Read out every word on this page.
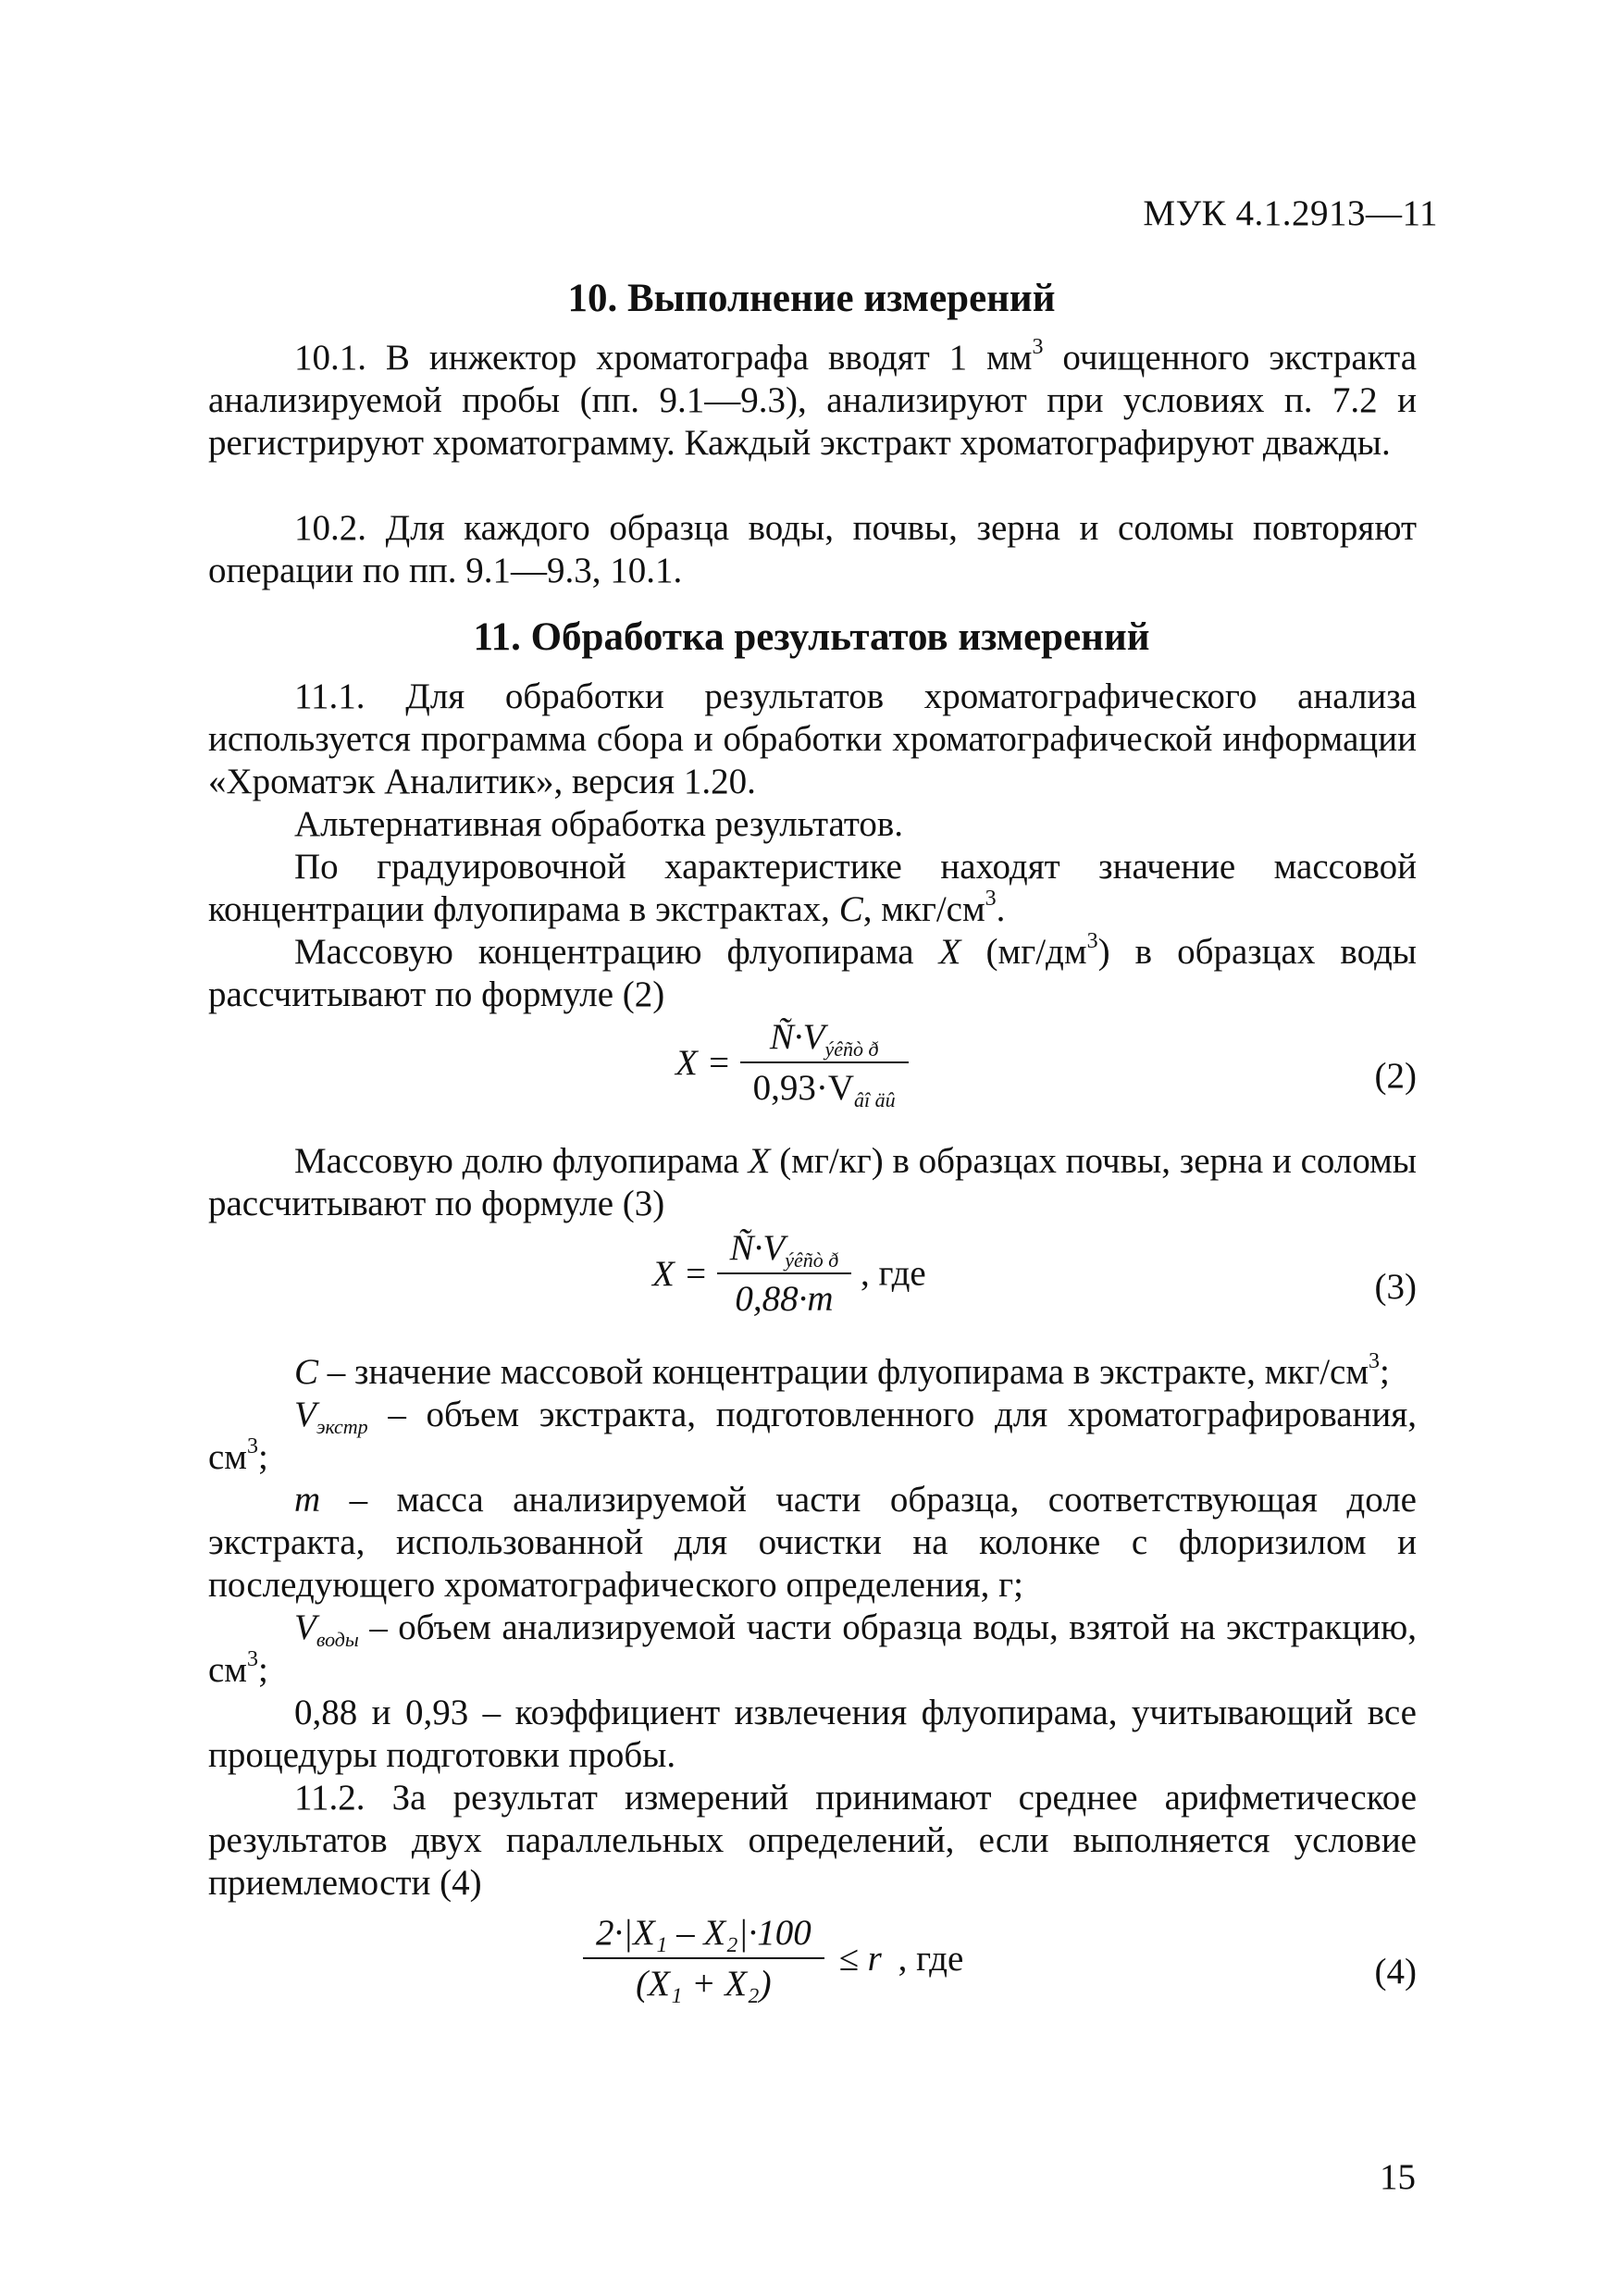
МУК 4.1.2913—11
10. Выполнение измерений
10.1. В инжектор хроматографа вводят 1 $мм^3$ очищенного экстракта анализируемой пробы (пп. 9.1—9.3), анализируют при условиях п. 7.2 и регистрируют хроматограмму. Каждый экстракт хроматографируют дважды.
10.2. Для каждого образца воды, почвы, зерна и соломы повторяют операции по пп. 9.1—9.3, 10.1.
11. Обработка результатов измерений
11.1. Для обработки результатов хроматографического анализа используется программа сбора и обработки хроматографической информации «Хроматэк Аналитик», версия 1.20.
Альтернативная обработка результатов.
По градуировочной характеристике находят значение массовой концентрации флуопирама в экстрактах, С, мкг/$см^3$.
Массовую концентрацию флуопирама X $(мг/дм^3)$ в образцах воды рассчитывают по формуле (2)
$X = \frac{Ñ\cdot V_{ýêñò ð}}{0,93\cdot V_{âî äû}}$	(2)
Массовую долю флуопирама X (мг/кг) в образцах почвы, зерна и соломы рассчитывают по формуле (3)
$X = \frac{Ñ\cdot V_{ýêñò ð}}{0,88\cdot m}$ , где	(3)
С – значение массовой концентрации флуопирама в экстракте, мкг/$см^3$;
$V_{экстр}$ – объем экстракта, подготовленного для хроматографирования, $см^3$;
m – масса анализируемой части образца, соответствующая доле экстракта, использованной для очистки на колонке с флоризилом и последующего хроматографического определения, г;
$V_{воды}$ – объем анализируемой части образца воды, взятой на экстракцию, $см^3$;
0,88 и 0,93 – коэффициент извлечения флуопирама, учитывающий все процедуры подготовки пробы.
11.2. За результат измерений принимают среднее арифметическое результатов двух параллельных определений, если выполняется условие приемлемости (4)
$\frac{\text{2·|X₁ – X₂|·100}}{\text{(X₁ + X₂)}} \le r$ , где	(4)
15
